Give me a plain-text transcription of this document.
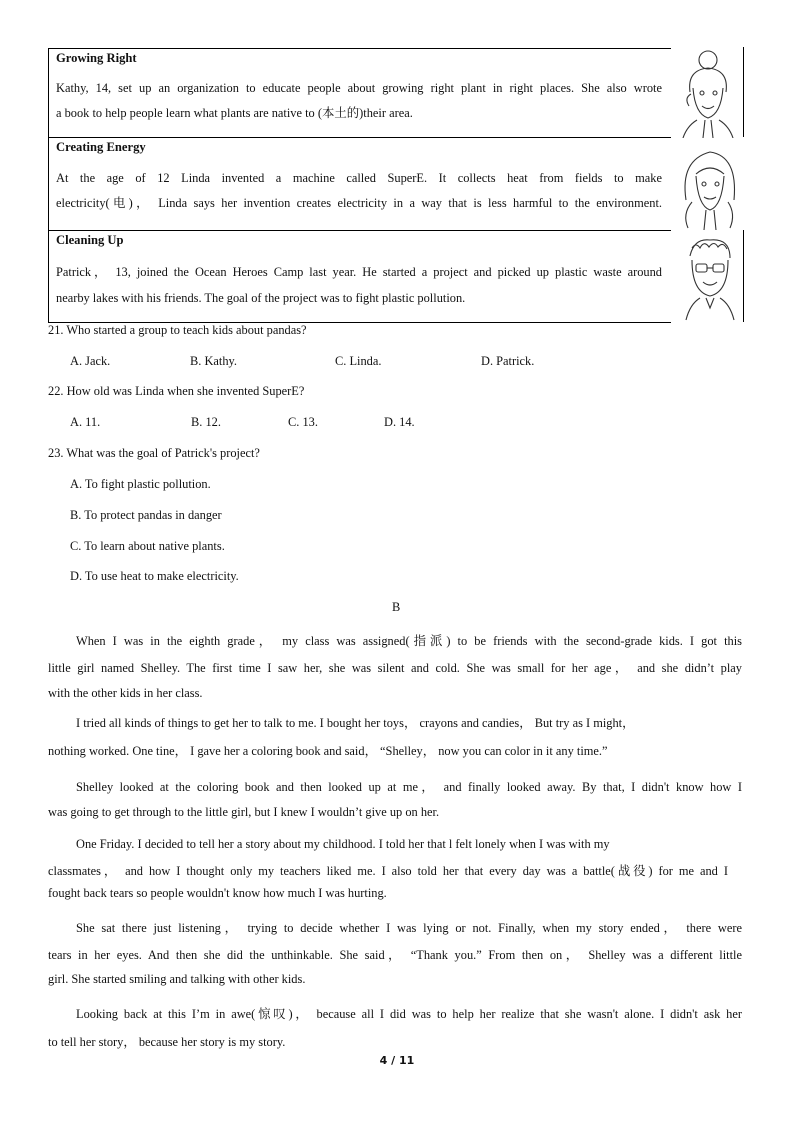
Growing Right
Kathy, 14, set up an organization to educate people about growing right plant in right places. She also wrote
a book to help people learn what plants are native to (本土的)their area.
Creating Energy
At the age of 12 Linda invented a machine called SuperE. It collects heat from fields to make
electricity(电)， Linda says her invention creates electricity in a way that is less harmful to the environment.
Cleaning Up
Patrick， 13, joined the Ocean Heroes Camp last year. He started a project and picked up plastic waste around
nearby lakes with his friends. The goal of the project was to fight plastic pollution.
21. Who started a group to teach kids about pandas?
A. Jack.	B. Kathy.	C. Linda.	D. Patrick.
22. How old was Linda when she invented SuperE?
A. 11.	B. 12.	C. 13.	D. 14.
23. What was the goal of Patrick's project?
A. To fight plastic pollution.
B. To protect pandas in danger
C. To learn about native plants.
D. To use heat to make electricity.
B
When I was in the eighth grade， my class was assigned(指派) to be friends with the second-grade kids. I got this
little girl named Shelley. The first time I saw her, she was silent and cold. She was small for her age， and she didn’t play
with the other kids in her class.
I tried all kinds of things to get her to talk to me. I bought her toys， crayons and candies， But try as I might，
nothing worked. One tine， I gave her a coloring book and said， “Shelley， now you can color in it any time.”
Shelley looked at the coloring book and then looked up at me， and finally looked away. By that, I didn't know how I
was going to get through to the little girl, but I knew I wouldn’t give up on her.
One Friday. I decided to tell her a story about my childhood. I told her that l felt lonely when I was with my
classmates， and how I thought only my teachers liked me. I also told her that every day was a battle(战役) for me and I
fought back tears so people wouldn't know how much I was hurting.
She sat there just listening， trying to decide whether I was lying or not. Finally, when my story ended， there were
tears in her eyes. And then she did the unthinkable. She said， “Thank you.” From then on， Shelley was a different little
girl. She started smiling and talking with other kids.
Looking back at this I’m in awe(惊叹)， because all I did was to help her realize that she wasn't alone. I didn't ask her
to tell her story， because her story is my story.
4 / 11
